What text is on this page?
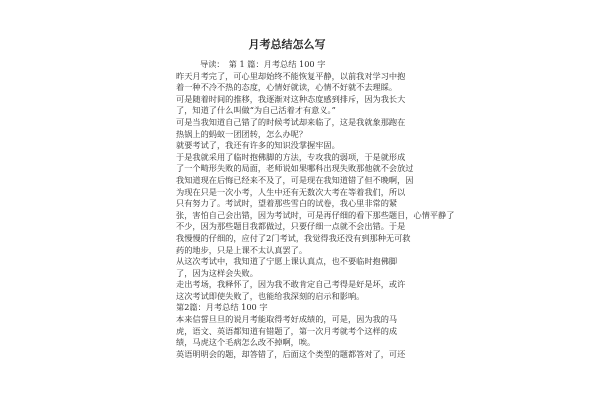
月考总结怎么写
导读：　第 1 篇：月考总结 100 字
昨天月考完了，可心里却始终不能恢复平静，以前我对学习中抱
着一种不冷不热的态度，心情好就读，心情不好就不去理睬。
可是随着时间的推移，我逐渐对这种态度感到排斥，因为我长大
了，知道了什么叫做“为自己活着才有意义。”
可是当我知道自己错了的时候考试却来临了，这是我就象那跑在
热锅上的蚂蚁一团团转，怎么办呢？
就要考试了，我还有许多的知识没掌握牢固。
于是我就采用了临时抱佛脚的方法，专攻我的弱项，于是就形成
了一个畸形失败的局面，老师说如果哪科出现失败那他就不会放过
我知道现在后悔已经来不及了，可是现在我知道错了但不晚啊，因
为现在只是一次小考，人生中还有无数次大考在等着我们，所以
只有努力了。考试时，望着那些雪白的试卷，我心里非常的紧
张，害怕自己会出错，因为考试时，可是再仔细的看下那些题目，心情平静了
不少，因为那些题目我都做过，只要仔细一点就不会出错。于是
我慢慢的仔细的，应付了2门考试，我觉得我还没有到那种无可救
药的地步，只是上课不太认真罢了。
从这次考试中，我知道了宁愿上课认真点，也不要临时抱佛脚
了，因为这样会失败。
走出考场，我释怀了，因为我不敢肯定自己考得是好是坏，或许
这次考试即使失败了，也能给我深刻的启示和影响。
第2篇：月考总结 100 字
本来信誓旦旦的说月考能取得考好成绩的，可是，因为我的马
虎，语文、英语都知道有错题了，第一次月考就考个这样的成
绩，马虎这个毛病怎么改不掉啊，唉。
英语明明会的题，却答错了，后面这个类型的题都答对了，可还
